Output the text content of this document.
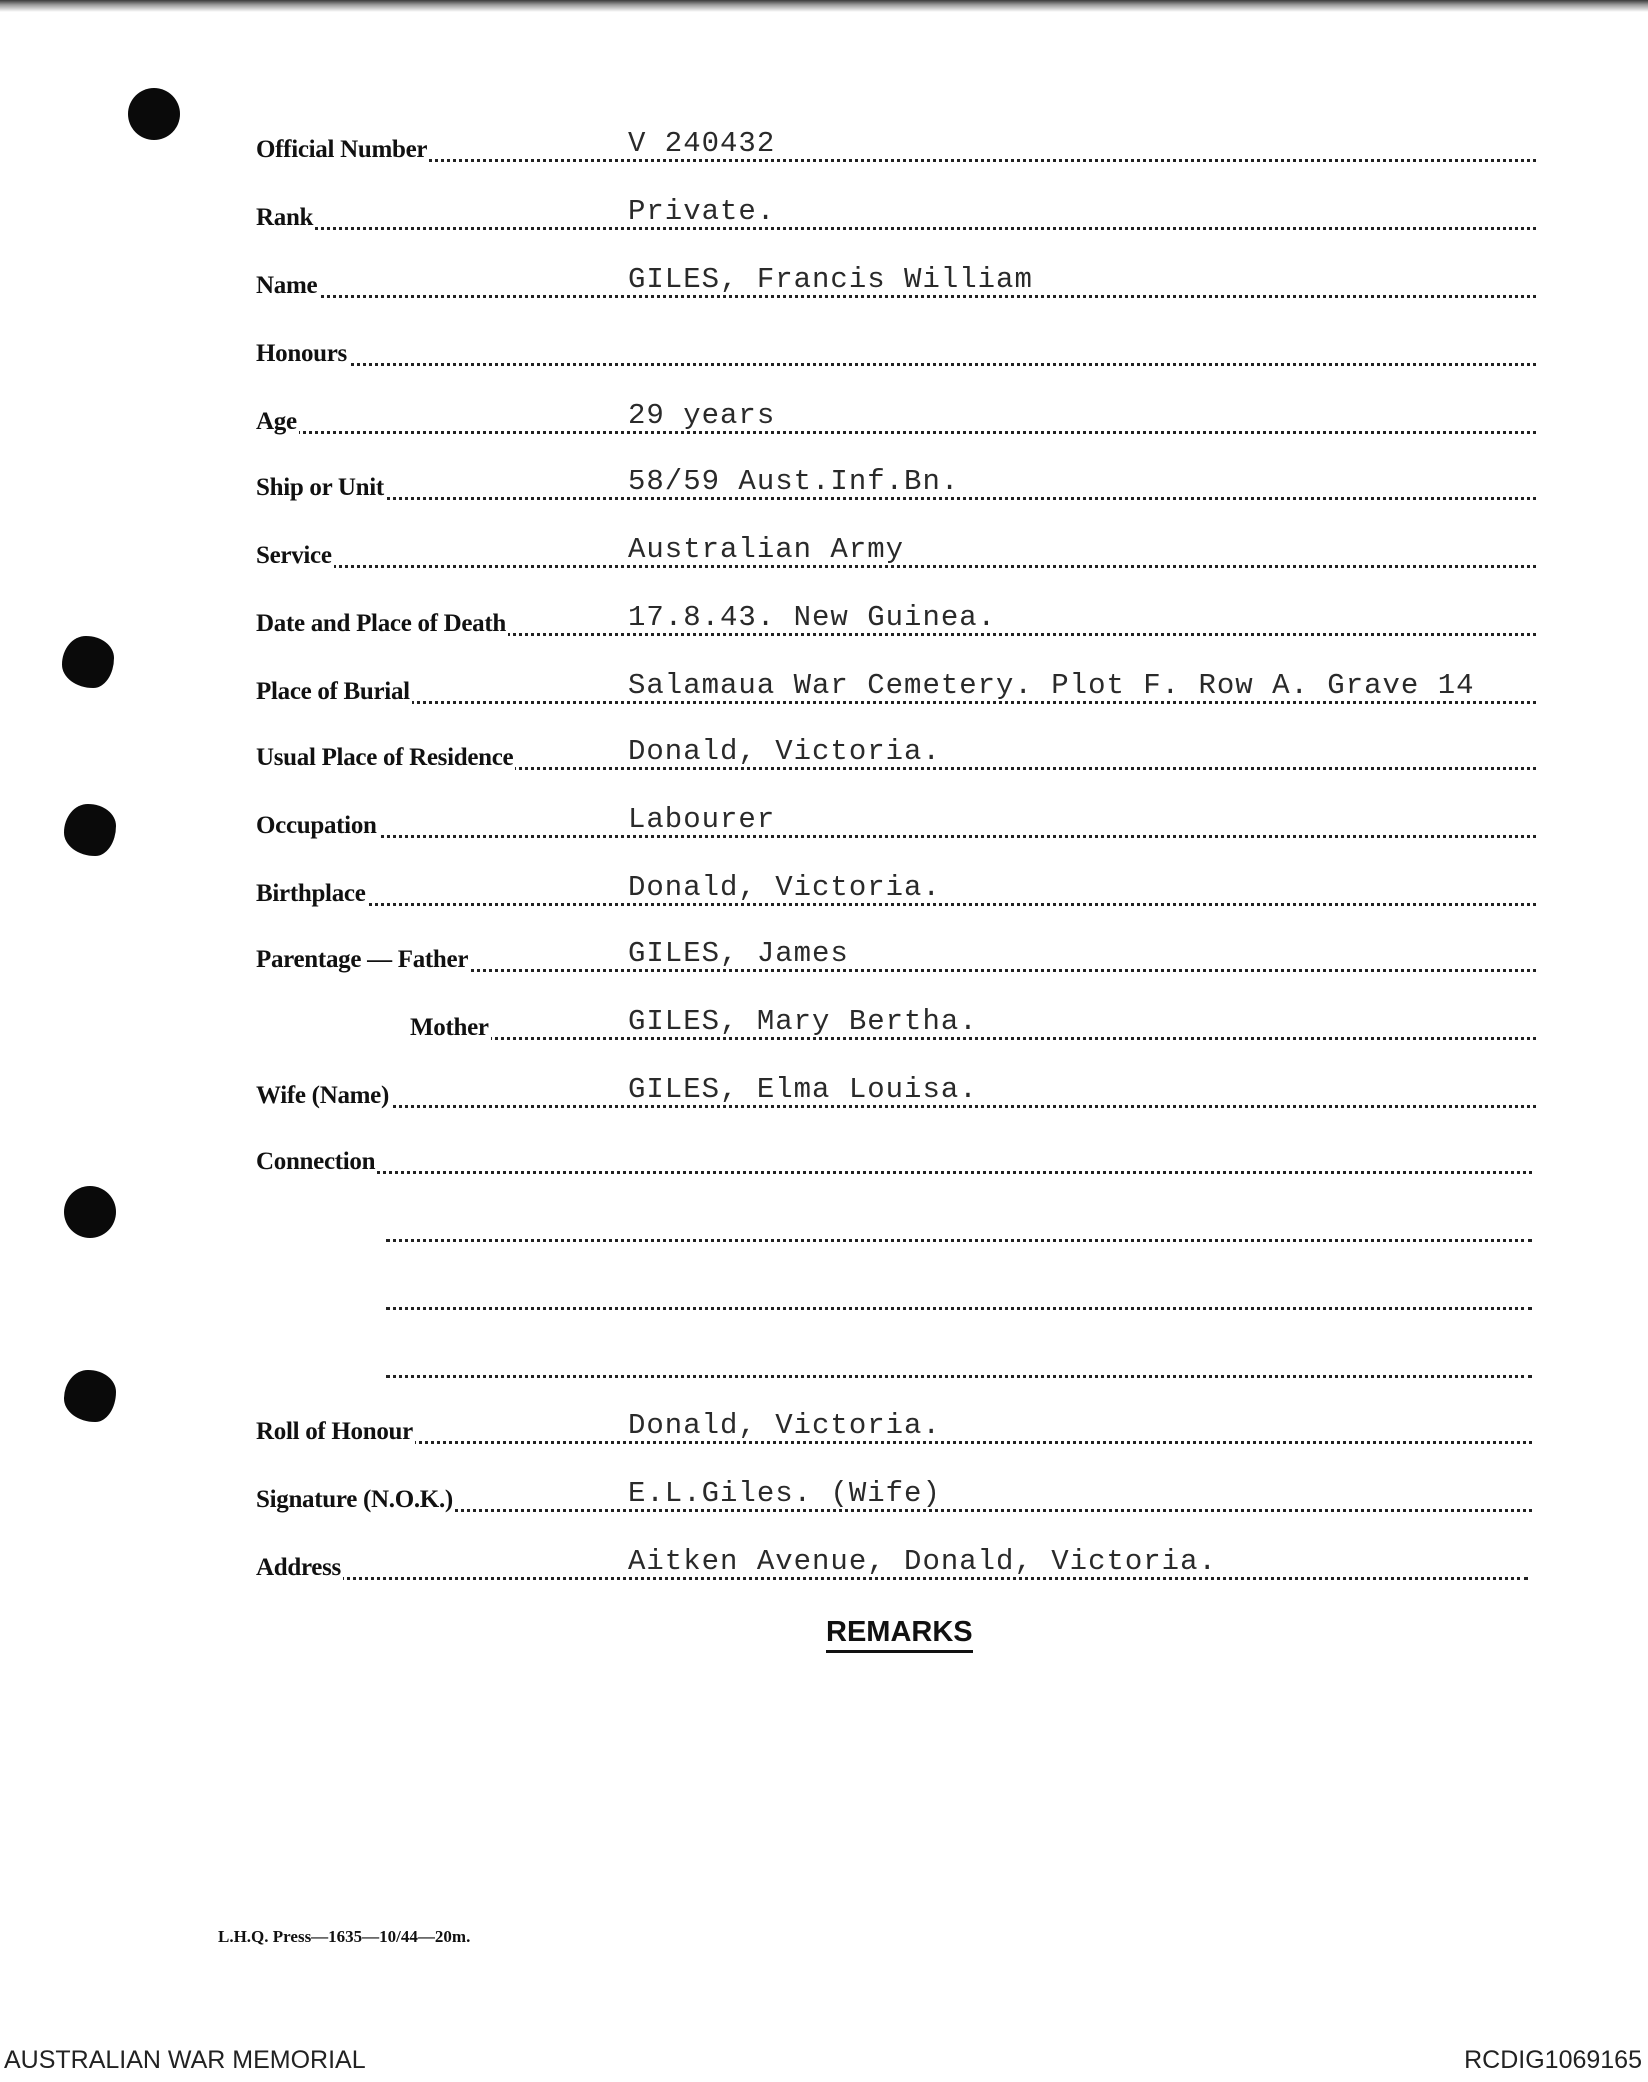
Official Number	V 240432
Rank	Private.
Name	GILES, Francis William
Honours
Age	29 years
Ship or Unit	58/59 Aust.Inf.Bn.
Service	Australian Army
Date and Place of Death	17.8.43. New Guinea.
Place of Burial	Salamaua War Cemetery. Plot F. Row A. Grave 14
Usual Place of Residence	Donald, Victoria.
Occupation	Labourer
Birthplace	Donald, Victoria.
Parentage — Father	GILES, James
Mother	GILES, Mary Bertha.
Wife (Name)	GILES, Elma Louisa.
Connection
Roll of Honour	Donald, Victoria.
Signature (N.O.K.)	E.L.Giles. (Wife)
Address	Aitken Avenue, Donald, Victoria.
REMARKS
L.H.Q. Press—1635—10/44—20m.
AUSTRALIAN WAR MEMORIAL	RCDIG1069165
